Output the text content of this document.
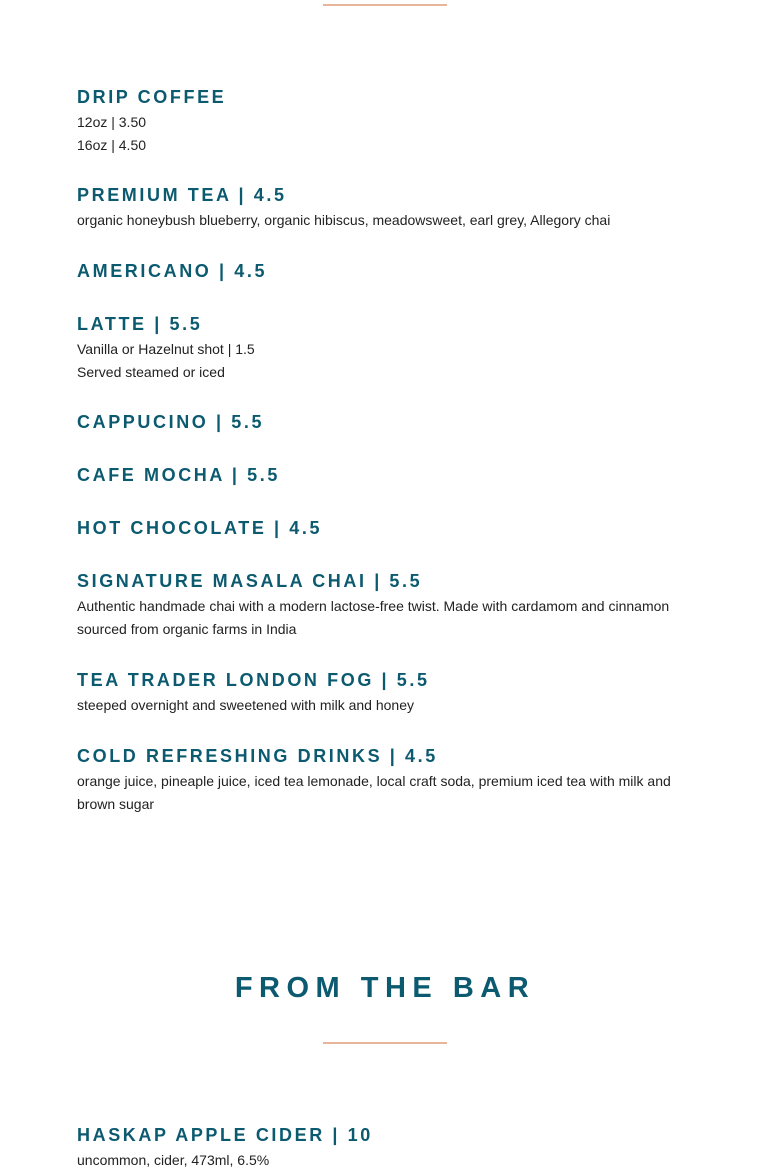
DRIP COFFEE
12oz | 3.50
16oz | 4.50
PREMIUM TEA | 4.5
organic honeybush blueberry, organic hibiscus, meadowsweet, earl grey, Allegory chai
AMERICANO | 4.5
LATTE | 5.5
Vanilla or Hazelnut shot | 1.5
Served steamed or iced
CAPPUCINO | 5.5
CAFE MOCHA | 5.5
HOT CHOCOLATE | 4.5
SIGNATURE MASALA CHAI | 5.5
Authentic handmade chai with a modern lactose-free twist. Made with cardamom and cinnamon sourced from organic farms in India
TEA TRADER LONDON FOG | 5.5
steeped overnight and sweetened with milk and honey
COLD REFRESHING DRINKS | 4.5
orange juice, pineaple juice, iced tea lemonade, local craft soda, premium iced tea with milk and brown sugar
FROM THE BAR
HASKAP APPLE CIDER | 10
uncommon, cider, 473ml, 6.5%
